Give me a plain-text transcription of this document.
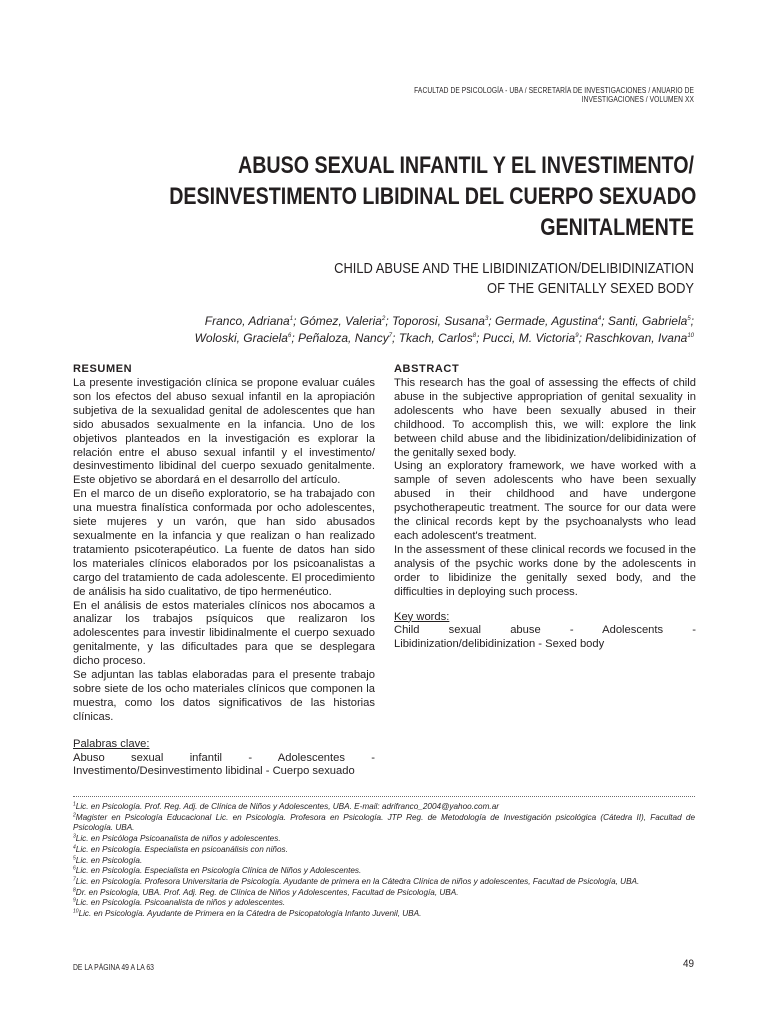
FACULTAD DE PSICOLOGÍA - UBA / SECRETARÍA DE INVESTIGACIONES / ANUARIO DE INVESTIGACIONES / VOLUMEN XX
ABUSO SEXUAL INFANTIL Y EL INVESTIMENTO/
DESINVESTIMENTO LIBIDINAL DEL CUERPO SEXUADO
GENITALMENTE
CHILD ABUSE AND THE LIBIDINIZATION/DELIBIDINIZATION
OF THE GENITALLY SEXED BODY
Franco, Adriana$^1$; Gómez, Valeria$^2$; Toporosi, Susana$^3$; Germade, Agustina$^4$; Santi, Gabriela$^5$;
Woloski, Graciela$^6$; Peñaloza, Nancy$^7$; Tkach, Carlos$^8$; Pucci, M. Victoria$^9$; Raschkovan, Ivana$^{10}$
RESUMEN
La presente investigación clínica se propone evaluar cuáles son los efectos del abuso sexual infantil en la apropiación subjetiva de la sexualidad genital de adolescentes que han sido abusados sexualmente en la infancia. Uno de los objetivos planteados en la investigación es explorar la relación entre el abuso sexual infantil y el investimento/ desinvestimento libidinal del cuerpo sexuado genitalmente. Este objetivo se abordará en el desarrollo del artículo.
En el marco de un diseño exploratorio, se ha trabajado con una muestra finalística conformada por ocho adolescentes, siete mujeres y un varón, que han sido abusados sexualmente en la infancia y que realizan o han realizado tratamiento psicoterapéutico. La fuente de datos han sido los materiales clínicos elaborados por los psicoanalistas a cargo del tratamiento de cada adolescente. El procedimiento de análisis ha sido cualitativo, de tipo hermenéutico.
En el análisis de estos materiales clínicos nos abocamos a analizar los trabajos psíquicos que realizaron los adolescentes para investir libidinalmente el cuerpo sexuado genitalmente, y las dificultades para que se desplegara dicho proceso.
Se adjuntan las tablas elaboradas para el presente trabajo sobre siete de los ocho materiales clínicos que componen la muestra, como los datos significativos de las historias clínicas.
Palabras clave:
Abuso sexual infantil - Adolescentes - Investimento/Desinvestimento libidinal - Cuerpo sexuado
ABSTRACT
This research has the goal of assessing the effects of child abuse in the subjective appropriation of genital sexuality in adolescents who have been sexually abused in their childhood. To accomplish this, we will: explore the link between child abuse and the libidinization/delibidinization of the genitally sexed body.
Using an exploratory framework, we have worked with a sample of seven adolescents who have been sexually abused in their childhood and have undergone psychotherapeutic treatment. The source for our data were the clinical records kept by the psychoanalysts who lead each adolescent's treatment.
In the assessment of these clinical records we focused in the analysis of the psychic works done by the adolescents in order to libidinize the genitally sexed body, and the difficulties in deploying such process.
Key words:
Child sexual abuse - Adolescents - Libidinization/delibidinization - Sexed body
$^1$Lic. en Psicología. Prof. Reg. Adj. de Clínica de Niños y Adolescentes, UBA. E-mail: adrifranco_2004@yahoo.com.ar
$^2$Magister en Psicología Educacional Lic. en Psicología. Profesora en Psicología. JTP Reg. de Metodología de Investigación psicológica (Cátedra II), Facultad de Psicología. UBA.
$^3$Lic. en Psicóloga Psicoanalista de niños y adolescentes.
$^4$Lic. en Psicología. Especialista en psicoanálisis con niños.
$^5$Lic. en Psicología.
$^6$Lic. en Psicología. Especialista en Psicología Clínica de Niños y Adolescentes.
$^7$Lic. en Psicología. Profesora Universitaria de Psicología. Ayudante de primera en la Cátedra Clínica de niños y adolescentes, Facultad de Psicología, UBA.
$^8$Dr. en Psicología, UBA. Prof. Adj. Reg. de Clínica de Niños y Adolescentes, Facultad de Psicología, UBA.
$^9$Lic. en Psicología. Psicoanalista de niños y adolescentes.
$^{10}$Lic. en Psicología. Ayudante de Primera en la Cátedra de Psicopatología Infanto Juvenil, UBA.
DE LA PÁGINA 49 A LA 63	49
